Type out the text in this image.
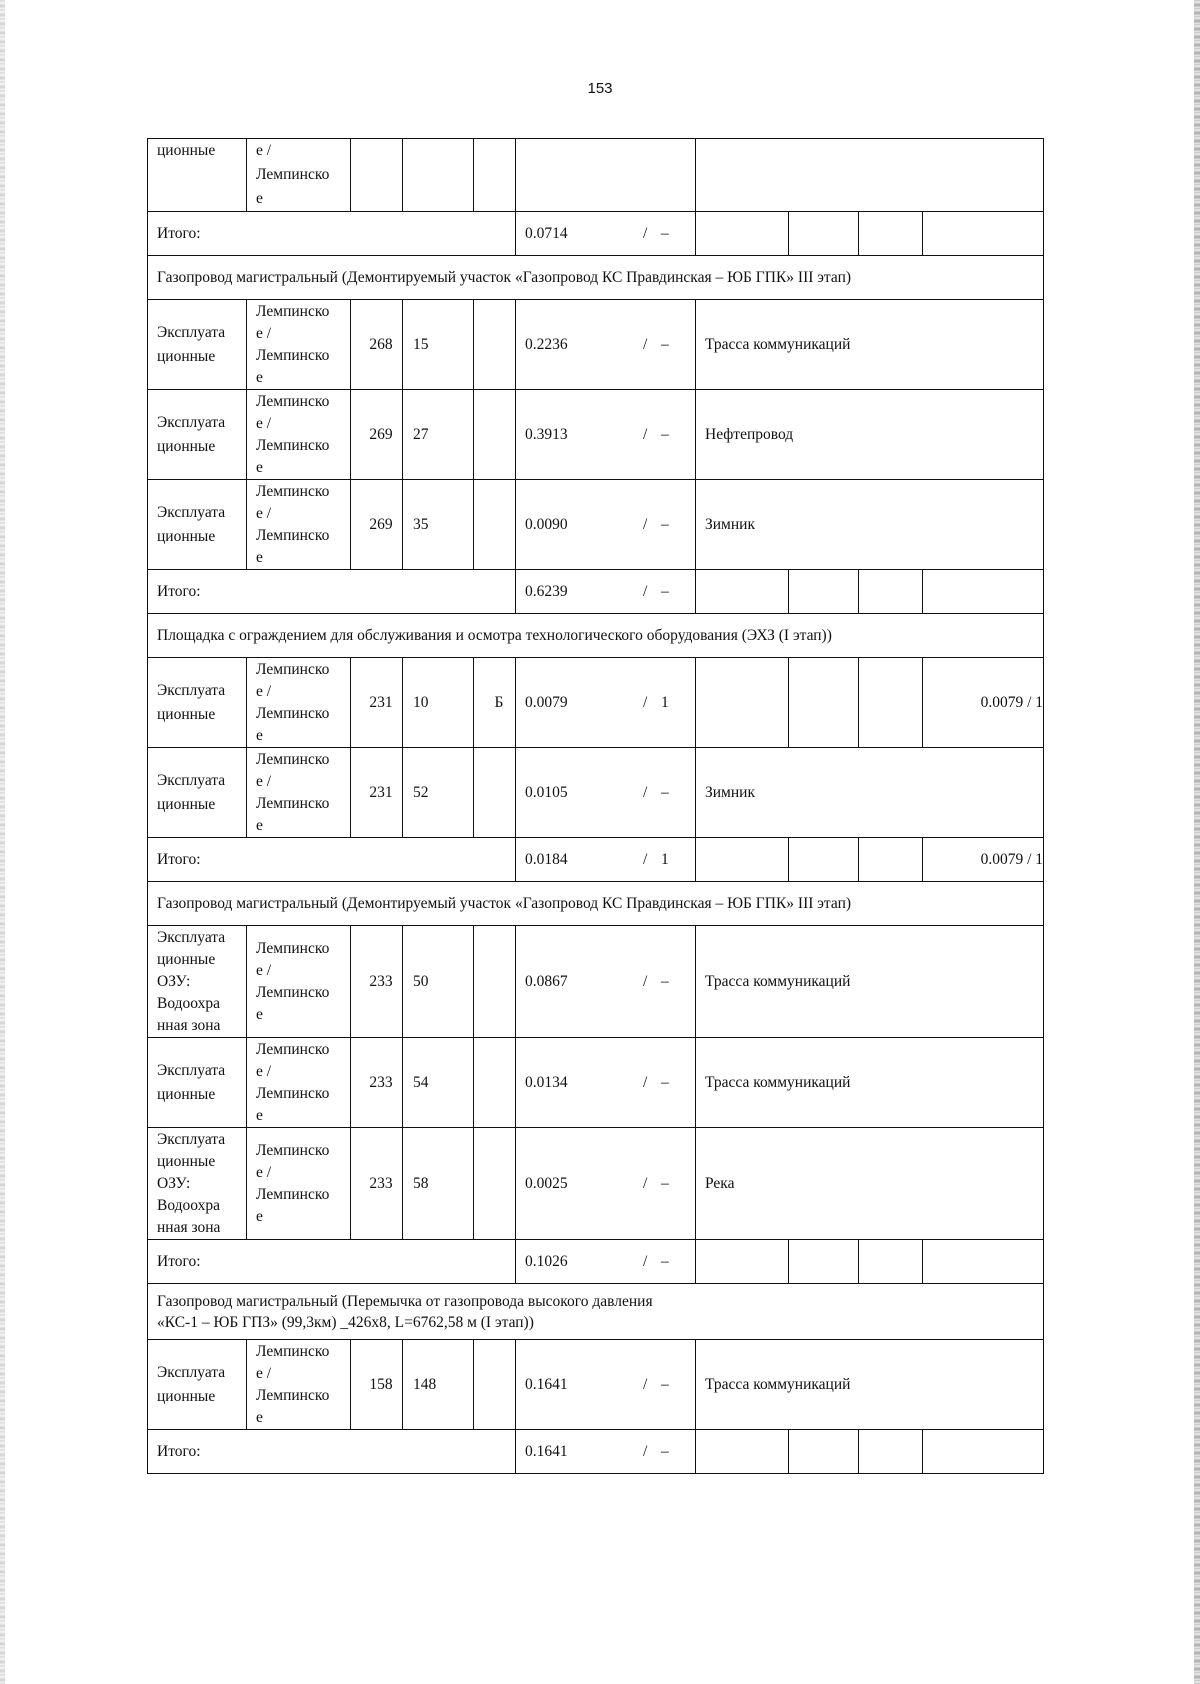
153
ционные	е /
Лемпинско
е								
Итого:					0.0714 / –				

Газопровод магистральный (Демонтируемый участок «Газопровод КС Правдинская – ЮБ ГПК» III этап)									
Эксплуата
ционные	Лемпинско
е /
Лемпинско
е	268	15		0.2236 / –	Трасса коммуникаций			
Эксплуата
ционные	Лемпинско
е /
Лемпинско
е	269	27		0.3913 / –	Нефтепровод			
Эксплуата
ционные	Лемпинско
е /
Лемпинско
е	269	35		0.0090 / –	Зимник			
Итого:					0.6239 / –				

Площадка с ограждением для обслуживания и осмотра технологического оборудования (ЭХЗ (I этап))									
Эксплуата
ционные	Лемпинско
е /
Лемпинско
е	231	10	Б	0.0079 / 1				0.0079 / 1
Эксплуата
ционные	Лемпинско
е /
Лемпинско
е	231	52		0.0105 / –	Зимник			
Итого:					0.0184 / 1				0.0079 / 1
Газопровод магистральный (Демонтируемый участок «Газопровод КС Правдинская – ЮБ ГПК» III этап)									
Эксплуата
ционные
ОЗУ:
Водоохра
нная зона	Лемпинско
е /
Лемпинско
е	233	50		0.0867 / –	Трасса коммуникаций			
Эксплуата
ционные	Лемпинско
е /
Лемпинско
е	233	54		0.0134 / –	Трасса коммуникаций			
Эксплуата
ционные
ОЗУ:
Водоохра
нная зона	Лемпинско
е /
Лемпинско
е	233	58		0.0025 / –	Река			
Итого:					0.1026 / –				

Газопровод магистральный (Перемычка от газопровода высокого давления
«КС-1 – ЮБ ГПЗ» (99,3км) _426х8, L=6762,58 м (I этап))									
Эксплуата
ционные	Лемпинско
е /
Лемпинско
е	158	148		0.1641 / –	Трасса коммуникаций			
Итого:					0.1641 / –				
